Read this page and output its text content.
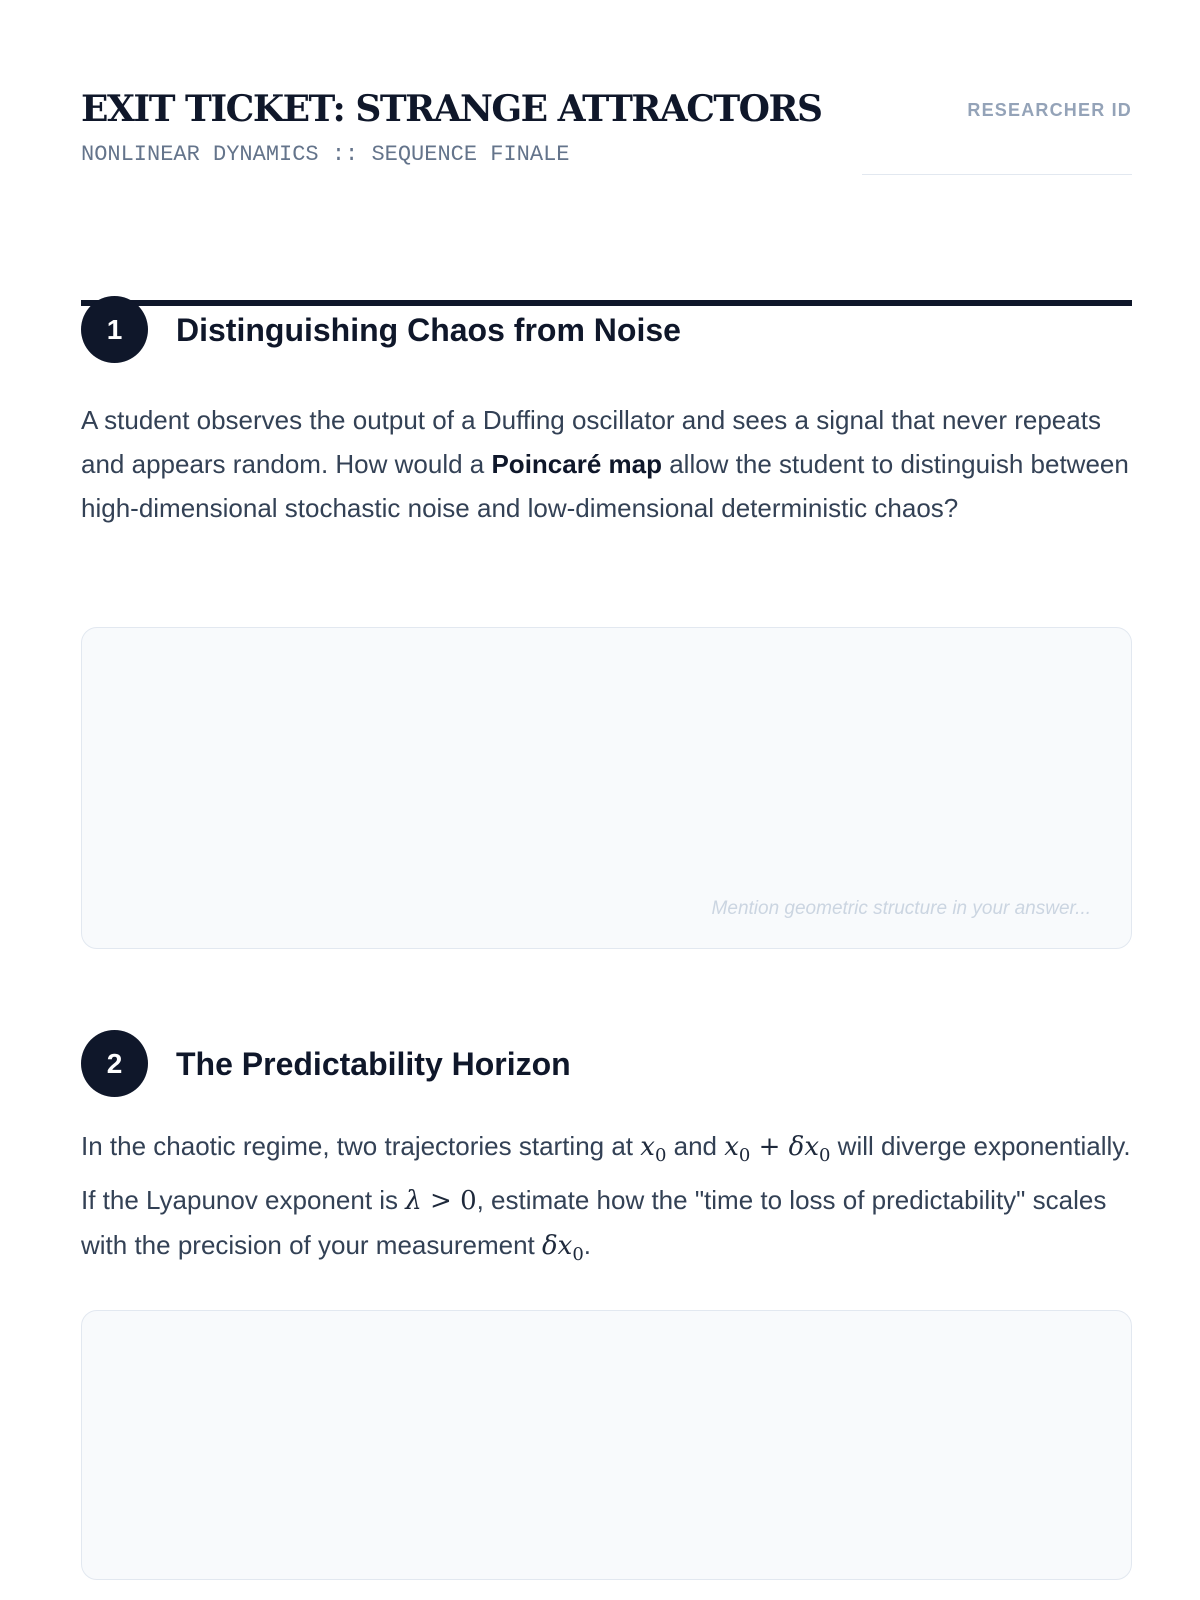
EXIT TICKET: STRANGE ATTRACTORS
NONLINEAR DYNAMICS :: SEQUENCE FINALE
RESEARCHER ID
1	Distinguishing Chaos from Noise

A student observes the output of a Duffing oscillator and sees a signal that never repeats and appears random. How would a Poincaré map allow the student to distinguish between high-dimensional stochastic noise and low-dimensional deterministic chaos?

Mention geometric structure in your answer...
2	The Predictability Horizon

In the chaotic regime, two trajectories starting at $x_0$ and $x_0 + \delta x_0$ will diverge exponentially. If the Lyapunov exponent is λ > 0, estimate how the "time to loss of predictability" scales with the precision of your measurement $\delta x_0$.
